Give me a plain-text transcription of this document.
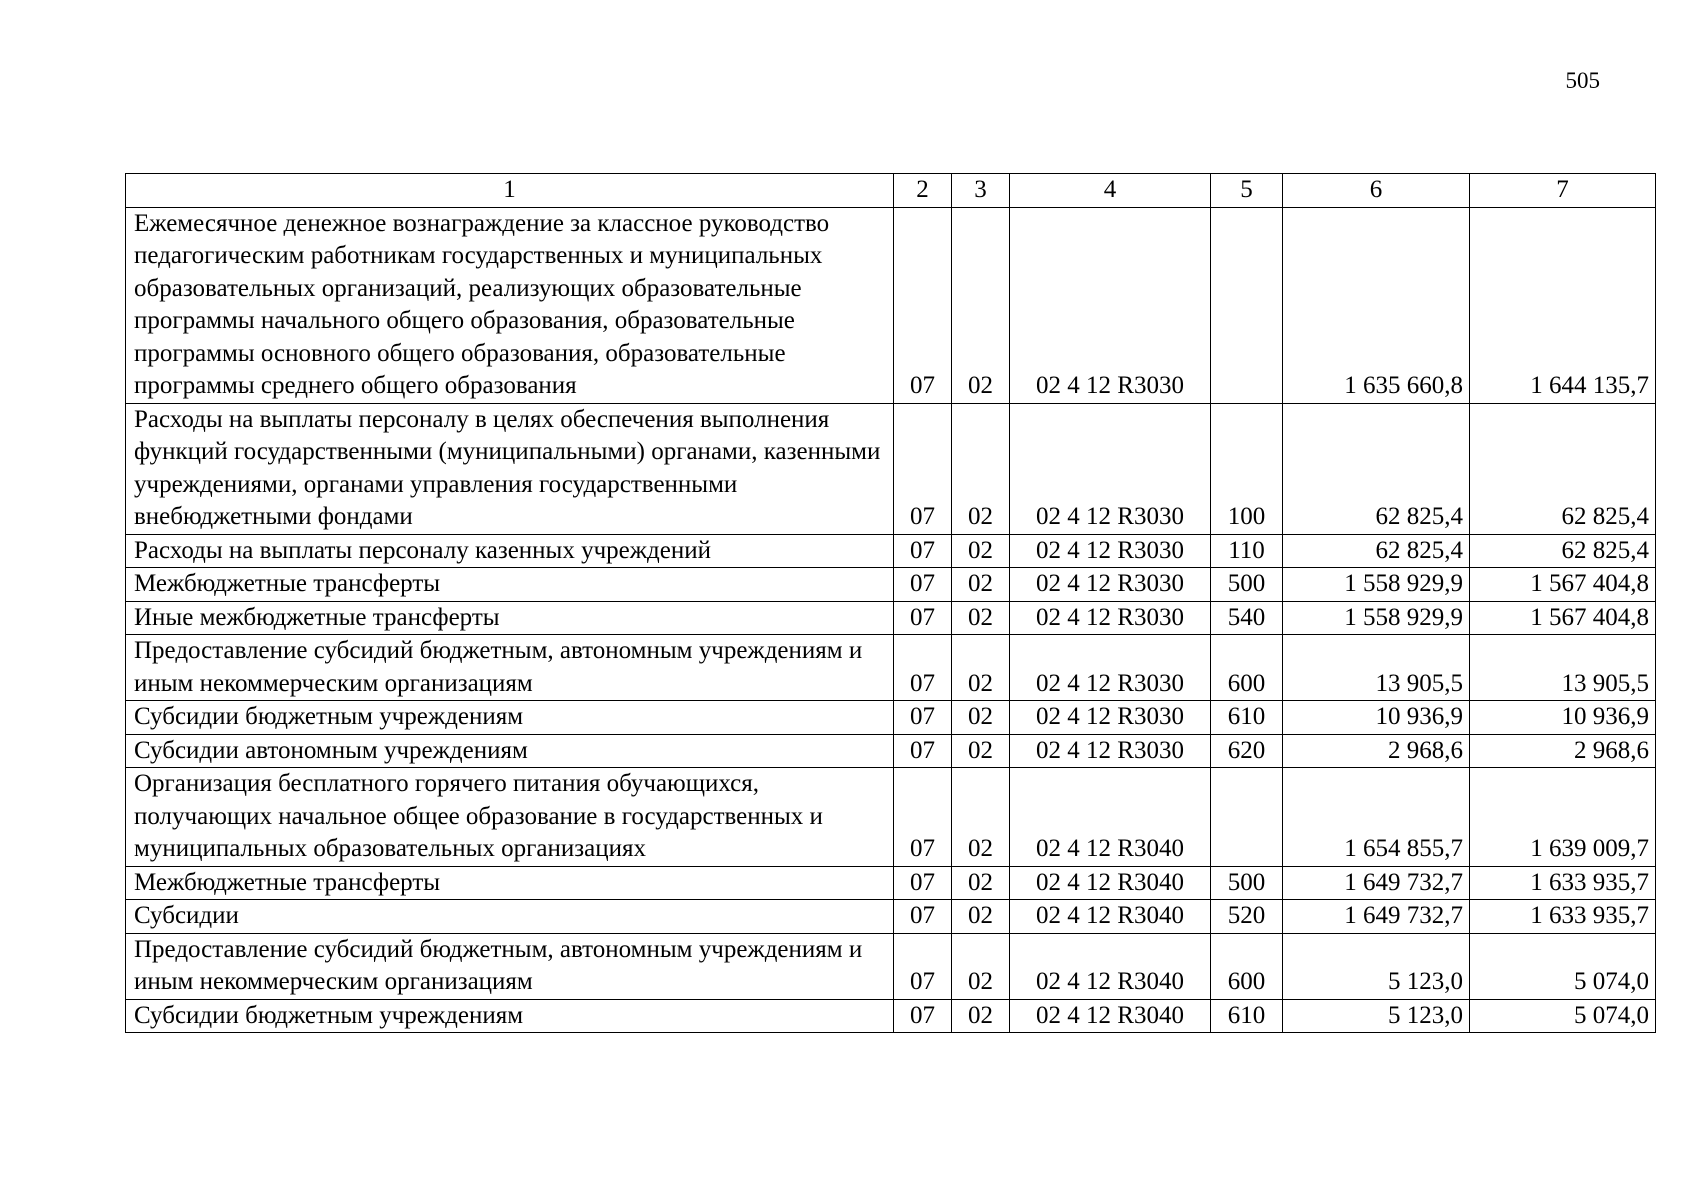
505
1	2	3	4	5	6	7
Ежемесячное денежное вознаграждение за классное руководство педагогическим работникам государственных и муниципальных образовательных организаций, реализующих образовательные программы начального общего образования, образовательные программы основного общего образования, образовательные программы среднего общего образования	07	02	02 4 12 R3030		1 635 660,8	1 644 135,7
Расходы на выплаты персоналу в целях обеспечения выполнения функций государственными (муниципальными) органами, казенными учреждениями, органами управления государственными внебюджетными фондами	07	02	02 4 12 R3030	100	62 825,4	62 825,4
Расходы на выплаты персоналу казенных учреждений	07	02	02 4 12 R3030	110	62 825,4	62 825,4
Межбюджетные трансферты	07	02	02 4 12 R3030	500	1 558 929,9	1 567 404,8
Иные межбюджетные трансферты	07	02	02 4 12 R3030	540	1 558 929,9	1 567 404,8
Предоставление субсидий бюджетным, автономным учреждениям и иным некоммерческим организациям	07	02	02 4 12 R3030	600	13 905,5	13 905,5
Субсидии бюджетным учреждениям	07	02	02 4 12 R3030	610	10 936,9	10 936,9
Субсидии автономным учреждениям	07	02	02 4 12 R3030	620	2 968,6	2 968,6
Организация бесплатного горячего питания обучающихся, получающих начальное общее образование в государственных и муниципальных образовательных организациях	07	02	02 4 12 R3040		1 654 855,7	1 639 009,7
Межбюджетные трансферты	07	02	02 4 12 R3040	500	1 649 732,7	1 633 935,7
Субсидии	07	02	02 4 12 R3040	520	1 649 732,7	1 633 935,7
Предоставление субсидий бюджетным, автономным учреждениям и иным некоммерческим организациям	07	02	02 4 12 R3040	600	5 123,0	5 074,0
Субсидии бюджетным учреждениям	07	02	02 4 12 R3040	610	5 123,0	5 074,0
